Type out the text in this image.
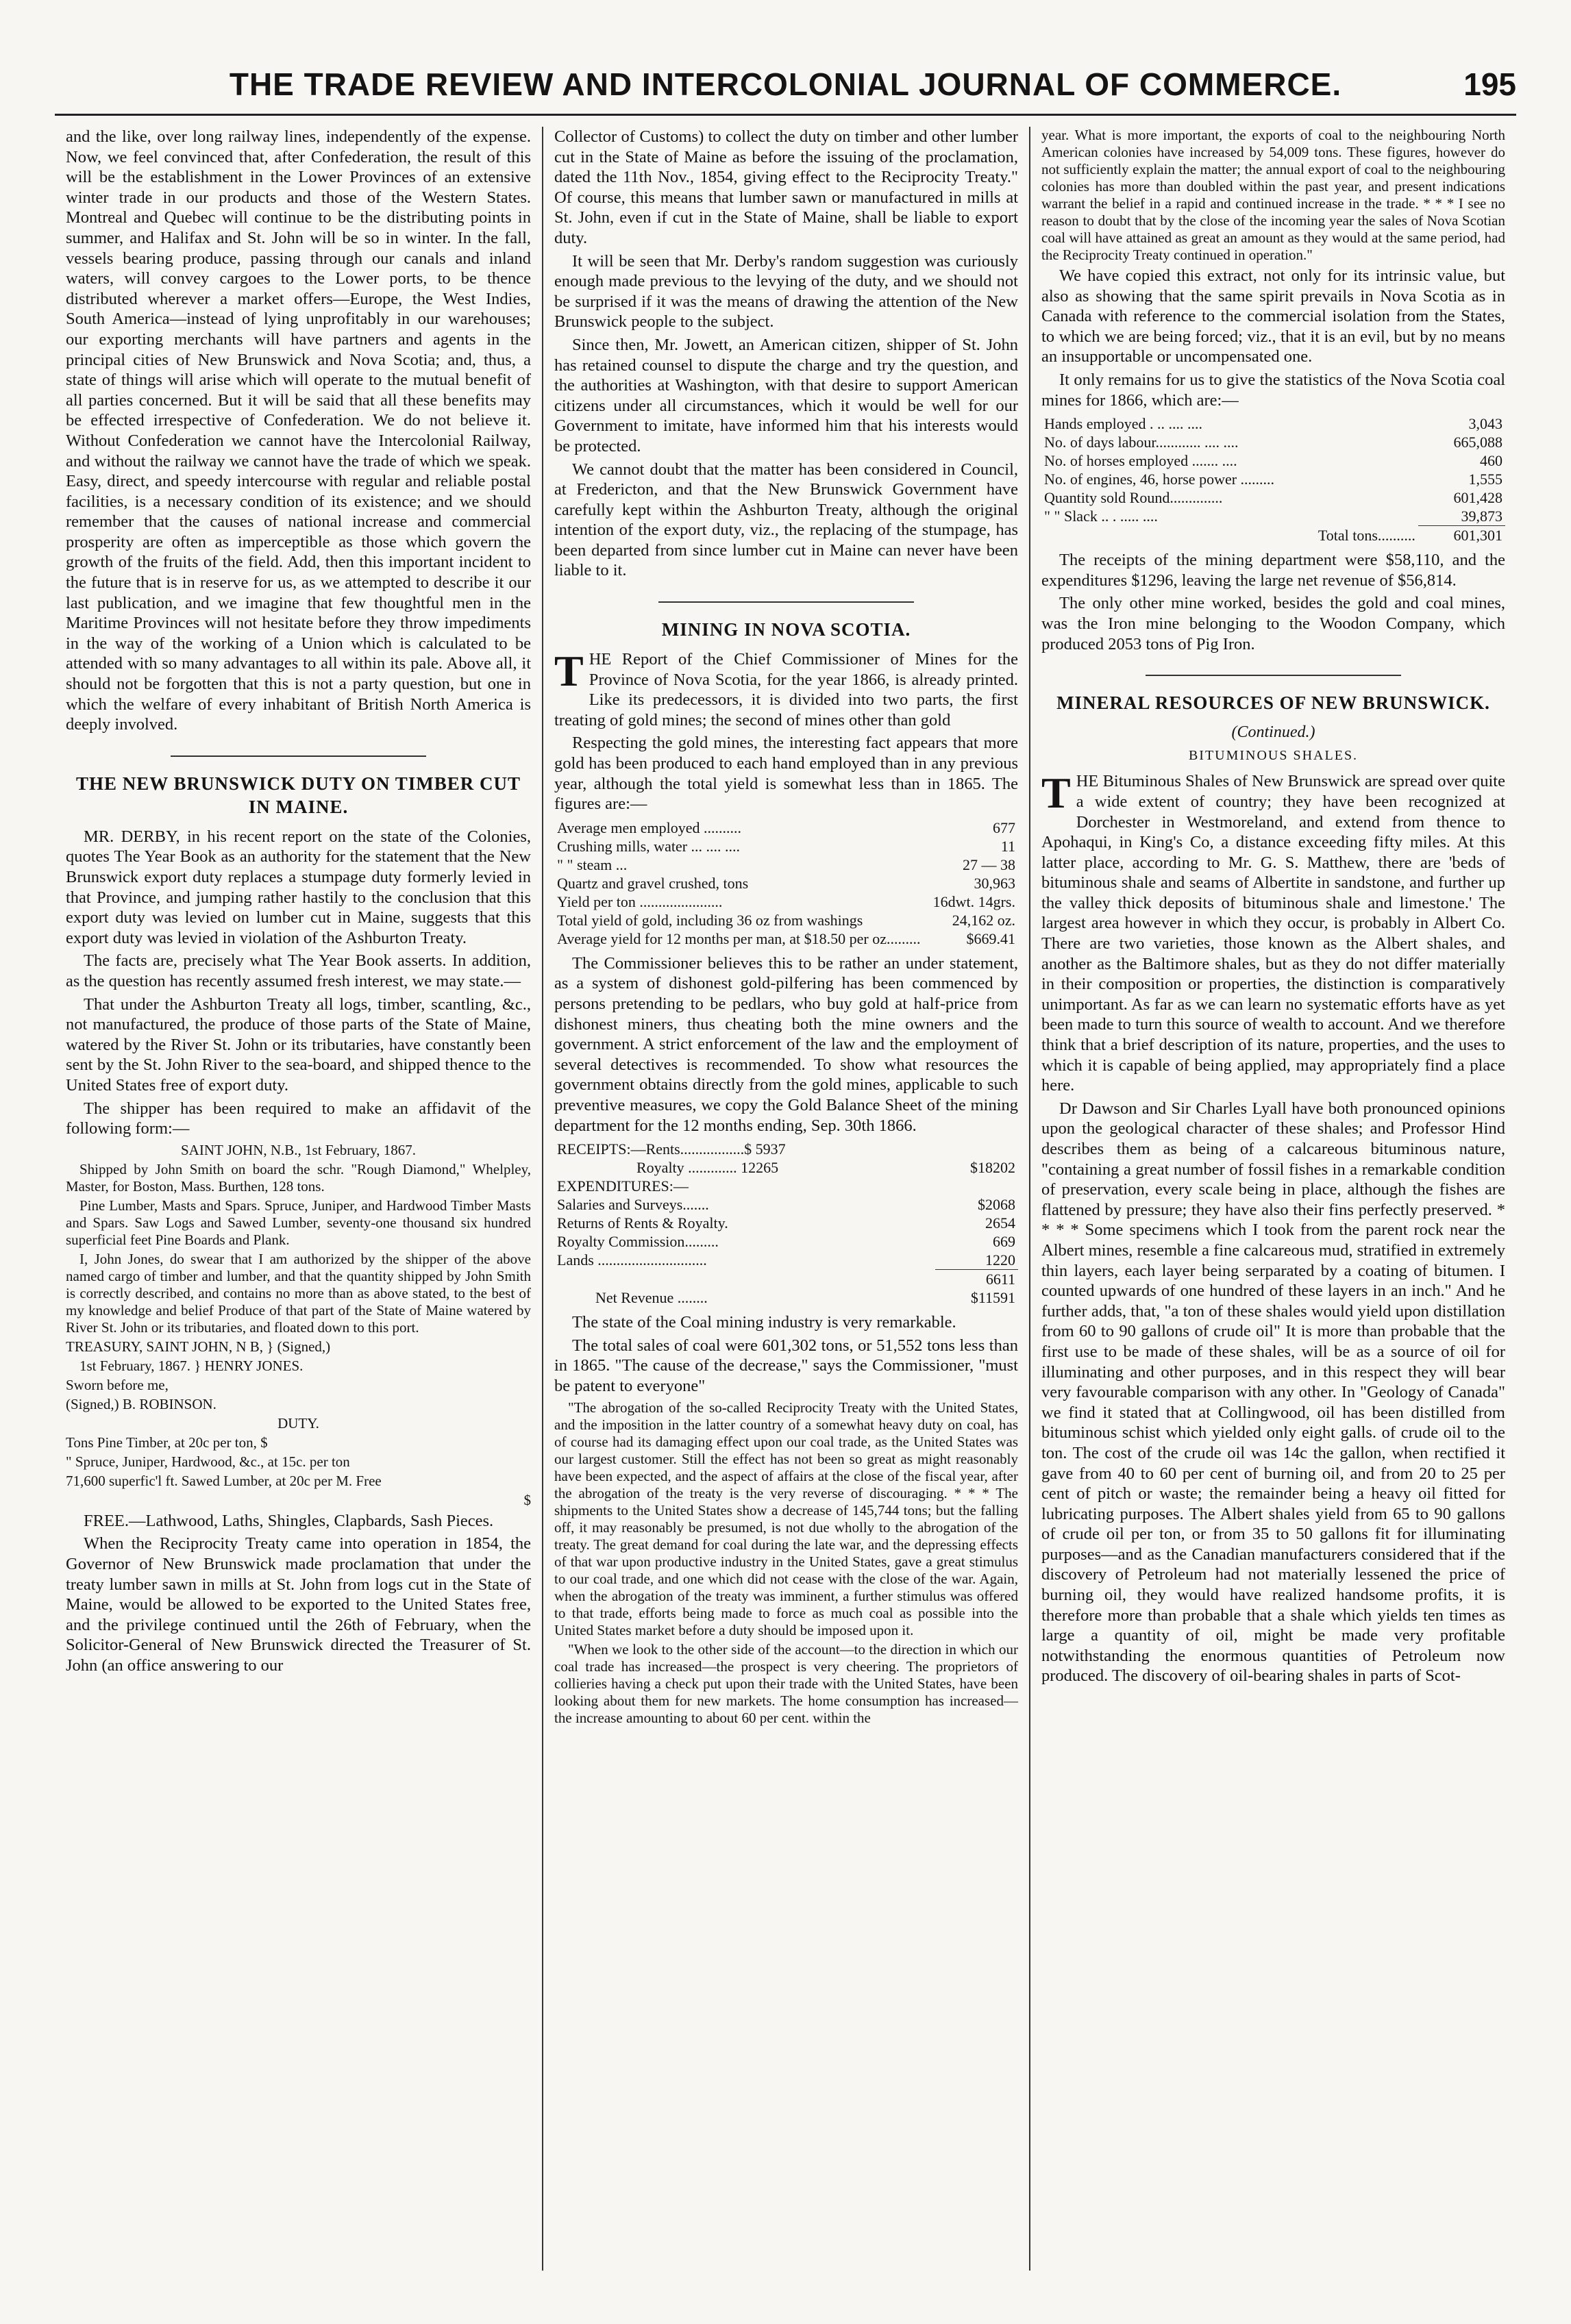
THE TRADE REVIEW AND INTERCOLONIAL JOURNAL OF COMMERCE.	195

and the like, over long railway lines, independently of the expense. Now, we feel convinced that, after Confederation, the result of this will be the establishment in the Lower Provinces of an extensive winter trade in our products and those of the Western States. Montreal and Quebec will continue to be the distributing points in summer, and Halifax and St. John will be so in winter. In the fall, vessels bearing produce, passing through our canals and inland waters, will convey cargoes to the Lower ports, to be thence distributed wherever a market offers—Europe, the West Indies, South America—instead of lying unprofitably in our warehouses; our exporting merchants will have partners and agents in the principal cities of New Brunswick and Nova Scotia; and, thus, a state of things will arise which will operate to the mutual benefit of all parties concerned. But it will be said that all these benefits may be effected irrespective of Confederation. We do not believe it. Without Confederation we cannot have the Intercolonial Railway, and without the railway we cannot have the trade of which we speak. Easy, direct, and speedy intercourse with regular and reliable postal facilities, is a necessary condition of its existence; and we should remember that the causes of national increase and commercial prosperity are often as imperceptible as those which govern the growth of the fruits of the field. Add, then this important incident to the future that is in reserve for us, as we attempted to describe it our last publication, and we imagine that few thoughtful men in the Maritime Provinces will not hesitate before they throw impediments in the way of the working of a Union which is calculated to be attended with so many advantages to all within its pale. Above all, it should not be forgotten that this is not a party question, but one in which the welfare of every inhabitant of British North America is deeply involved.

THE NEW BRUNSWICK DUTY ON TIMBER CUT IN MAINE.

MR. DERBY, in his recent report on the state of the Colonies, quotes The Year Book as an authority for the statement that the New Brunswick export duty replaces a stumpage duty formerly levied in that Province, and jumping rather hastily to the conclusion that this export duty was levied on lumber cut in Maine, suggests that this export duty was levied in violation of the Ashburton Treaty.

The facts are, precisely what The Year Book asserts. In addition, as the question has recently assumed fresh interest, we may state.—

That under the Ashburton Treaty all logs, timber, scantling, &c., not manufactured, the produce of those parts of the State of Maine, watered by the River St. John or its tributaries, have constantly been sent by the St. John River to the sea-board, and shipped thence to the United States free of export duty.

The shipper has been required to make an affidavit of the following form:—

SAINT JOHN, N.B., 1st February, 1867.

Shipped by John Smith on board the schr. "Rough Diamond," Whelpley, Master, for Boston, Mass. Burthen, 128 tons.

Pine Lumber, Masts and Spars. Spruce, Juniper, and Hardwood Timber Masts and Spars. Saw Logs and Sawed Lumber, seventy-one thousand six hundred superficial feet Pine Boards and Plank.

I, John Jones, do swear that I am authorized by the shipper of the above named cargo of timber and lumber, and that the quantity shipped by John Smith is correctly described, and contains no more than as above stated, to the best of my knowledge and belief Produce of that part of the State of Maine watered by River St. John or its tributaries, and floated down to this port.

TREASURY, SAINT JOHN, N B, } (Signed,)

1st February, 1867. } HENRY JONES.

Sworn before me,

(Signed,) B. ROBINSON.

DUTY.

Tons Pine Timber, at 20c per ton, $

" Spruce, Juniper, Hardwood, &c., at 15c. per ton

71,600 superfic'l ft. Sawed Lumber, at 20c per M. Free

$

FREE.—Lathwood, Laths, Shingles, Clapbards, Sash Pieces.

When the Reciprocity Treaty came into operation in 1854, the Governor of New Brunswick made proclamation that under the treaty lumber sawn in mills at St. John from logs cut in the State of Maine, would be allowed to be exported to the United States free, and the privilege continued until the 26th of February, when the Solicitor-General of New Brunswick directed the Treasurer of St. John (an office answering to our

Collector of Customs) to collect the duty on timber and other lumber cut in the State of Maine as before the issuing of the proclamation, dated the 11th Nov., 1854, giving effect to the Reciprocity Treaty." Of course, this means that lumber sawn or manufactured in mills at St. John, even if cut in the State of Maine, shall be liable to export duty.

It will be seen that Mr. Derby's random suggestion was curiously enough made previous to the levying of the duty, and we should not be surprised if it was the means of drawing the attention of the New Brunswick people to the subject.

Since then, Mr. Jowett, an American citizen, shipper of St. John has retained counsel to dispute the charge and try the question, and the authorities at Washington, with that desire to support American citizens under all circumstances, which it would be well for our Government to imitate, have informed him that his interests would be protected.

We cannot doubt that the matter has been considered in Council, at Fredericton, and that the New Brunswick Government have carefully kept within the Ashburton Treaty, although the original intention of the export duty, viz., the replacing of the stumpage, has been departed from since lumber cut in Maine can never have been liable to it.

MINING IN NOVA SCOTIA.

THE Report of the Chief Commissioner of Mines for the Province of Nova Scotia, for the year 1866, is already printed. Like its predecessors, it is divided into two parts, the first treating of gold mines; the second of mines other than gold

Respecting the gold mines, the interesting fact appears that more gold has been produced to each hand employed than in any previous year, although the total yield is somewhat less than in 1865. The figures are:—

Average men employed ..........	677
Crushing mills, water ... .... ....	11
" " steam ...	27 — 38
Quartz and gravel crushed, tons	30,963
Yield per ton ......................	16dwt. 14grs.
Total yield of gold, including 36 oz from washings	24,162 oz.
Average yield for 12 months per man, at $18.50 per oz.........	$669.41

The Commissioner believes this to be rather an under statement, as a system of dishonest gold-pilfering has been commenced by persons pretending to be pedlars, who buy gold at half-price from dishonest miners, thus cheating both the mine owners and the government. A strict enforcement of the law and the employment of several detectives is recommended. To show what resources the government obtains directly from the gold mines, applicable to such preventive measures, we copy the Gold Balance Sheet of the mining department for the 12 months ending, Sep. 30th 1866.

RECEIPTS:—Rents.................$ 5937	
Royalty ............. 12265	$18202
EXPENDITURES:—	
Salaries and Surveys.......	$2068
Returns of Rents & Royalty.	2654
Royalty Commission.........	669
Lands .............................	1220
	6611
Net Revenue ........	$11591

The state of the Coal mining industry is very remarkable.

The total sales of coal were 601,302 tons, or 51,552 tons less than in 1865. "The cause of the decrease," says the Commissioner, "must be patent to everyone"

"The abrogation of the so-called Reciprocity Treaty with the United States, and the imposition in the latter country of a somewhat heavy duty on coal, has of course had its damaging effect upon our coal trade, as the United States was our largest customer. Still the effect has not been so great as might reasonably have been expected, and the aspect of affairs at the close of the fiscal year, after the abrogation of the treaty is the very reverse of discouraging. * * * The shipments to the United States show a decrease of 145,744 tons; but the falling off, it may reasonably be presumed, is not due wholly to the abrogation of the treaty. The great demand for coal during the late war, and the depressing effects of that war upon productive industry in the United States, gave a great stimulus to our coal trade, and one which did not cease with the close of the war. Again, when the abrogation of the treaty was imminent, a further stimulus was offered to that trade, efforts being made to force as much coal as possible into the United States market before a duty should be imposed upon it.

"When we look to the other side of the account—to the direction in which our coal trade has increased—the prospect is very cheering. The proprietors of collieries having a check put upon their trade with the United States, have been looking about them for new markets. The home consumption has increased—the increase amounting to about 60 per cent. within the

year. What is more important, the exports of coal to the neighbouring North American colonies have increased by 54,009 tons. These figures, however do not sufficiently explain the matter; the annual export of coal to the neighbouring colonies has more than doubled within the past year, and present indications warrant the belief in a rapid and continued increase in the trade. * * * I see no reason to doubt that by the close of the incoming year the sales of Nova Scotian coal will have attained as great an amount as they would at the same period, had the Reciprocity Treaty continued in operation."

We have copied this extract, not only for its intrinsic value, but also as showing that the same spirit prevails in Nova Scotia as in Canada with reference to the commercial isolation from the States, to which we are being forced; viz., that it is an evil, but by no means an insupportable or uncompensated one.

It only remains for us to give the statistics of the Nova Scotia coal mines for 1866, which are:—

Hands employed . .. .... ....	3,043
No. of days labour............ .... ....	665,088
No. of horses employed ....... ....	460
No. of engines, 46, horse power .........	1,555
Quantity sold Round..............	601,428
" " Slack .. . ..... ....	39,873
Total tons..........	601,301

The receipts of the mining department were $58,110, and the expenditures $1296, leaving the large net revenue of $56,814.

The only other mine worked, besides the gold and coal mines, was the Iron mine belonging to the Woodon Company, which produced 2053 tons of Pig Iron.

MINERAL RESOURCES OF NEW BRUNSWICK.
(Continued.)
BITUMINOUS SHALES.

THE Bituminous Shales of New Brunswick are spread over quite a wide extent of country; they have been recognized at Dorchester in Westmoreland, and extend from thence to Apohaqui, in King's Co, a distance exceeding fifty miles. At this latter place, according to Mr. G. S. Matthew, there are 'beds of bituminous shale and seams of Albertite in sandstone, and further up the valley thick deposits of bituminous shale and limestone.' The largest area however in which they occur, is probably in Albert Co. There are two varieties, those known as the Albert shales, and another as the Baltimore shales, but as they do not differ materially in their composition or properties, the distinction is comparatively unimportant. As far as we can learn no systematic efforts have as yet been made to turn this source of wealth to account. And we therefore think that a brief description of its nature, properties, and the uses to which it is capable of being applied, may appropriately find a place here.

Dr Dawson and Sir Charles Lyall have both pronounced opinions upon the geological character of these shales; and Professor Hind describes them as being of a calcareous bituminous nature, "containing a great number of fossil fishes in a remarkable condition of preservation, every scale being in place, although the fishes are flattened by pressure; they have also their fins perfectly preserved. * * * * Some specimens which I took from the parent rock near the Albert mines, resemble a fine calcareous mud, stratified in extremely thin layers, each layer being serparated by a coating of bitumen. I counted upwards of one hundred of these layers in an inch." And he further adds, that, "a ton of these shales would yield upon distillation from 60 to 90 gallons of crude oil" It is more than probable that the first use to be made of these shales, will be as a source of oil for illuminating and other purposes, and in this respect they will bear very favourable comparison with any other. In "Geology of Canada" we find it stated that at Collingwood, oil has been distilled from bituminous schist which yielded only eight galls. of crude oil to the ton. The cost of the crude oil was 14c the gallon, when rectified it gave from 40 to 60 per cent of burning oil, and from 20 to 25 per cent of pitch or waste; the remainder being a heavy oil fitted for lubricating purposes. The Albert shales yield from 65 to 90 gallons of crude oil per ton, or from 35 to 50 gallons fit for illuminating purposes—and as the Canadian manufacturers considered that if the discovery of Petroleum had not materially lessened the price of burning oil, they would have realized handsome profits, it is therefore more than probable that a shale which yields ten times as large a quantity of oil, might be made very profitable notwithstanding the enormous quantities of Petroleum now produced. The discovery of oil-bearing shales in parts of Scot-
